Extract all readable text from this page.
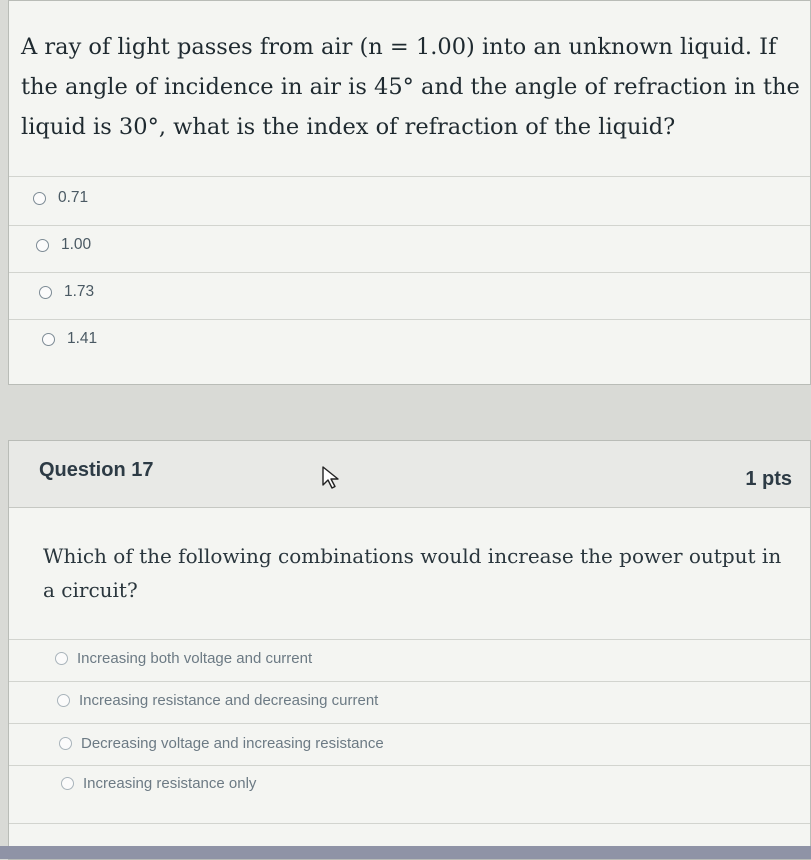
A ray of light passes from air (n = 1.00) into an unknown liquid. If the angle of incidence in air is 45° and the angle of refraction in the liquid is 30°, what is the index of refraction of the liquid?

0.71
1.00
1.73
1.41
Question 17	1 pts

Which of the following combinations would increase the power output in a circuit?

Increasing both voltage and current
Increasing resistance and decreasing current
Decreasing voltage and increasing resistance
Increasing resistance only
